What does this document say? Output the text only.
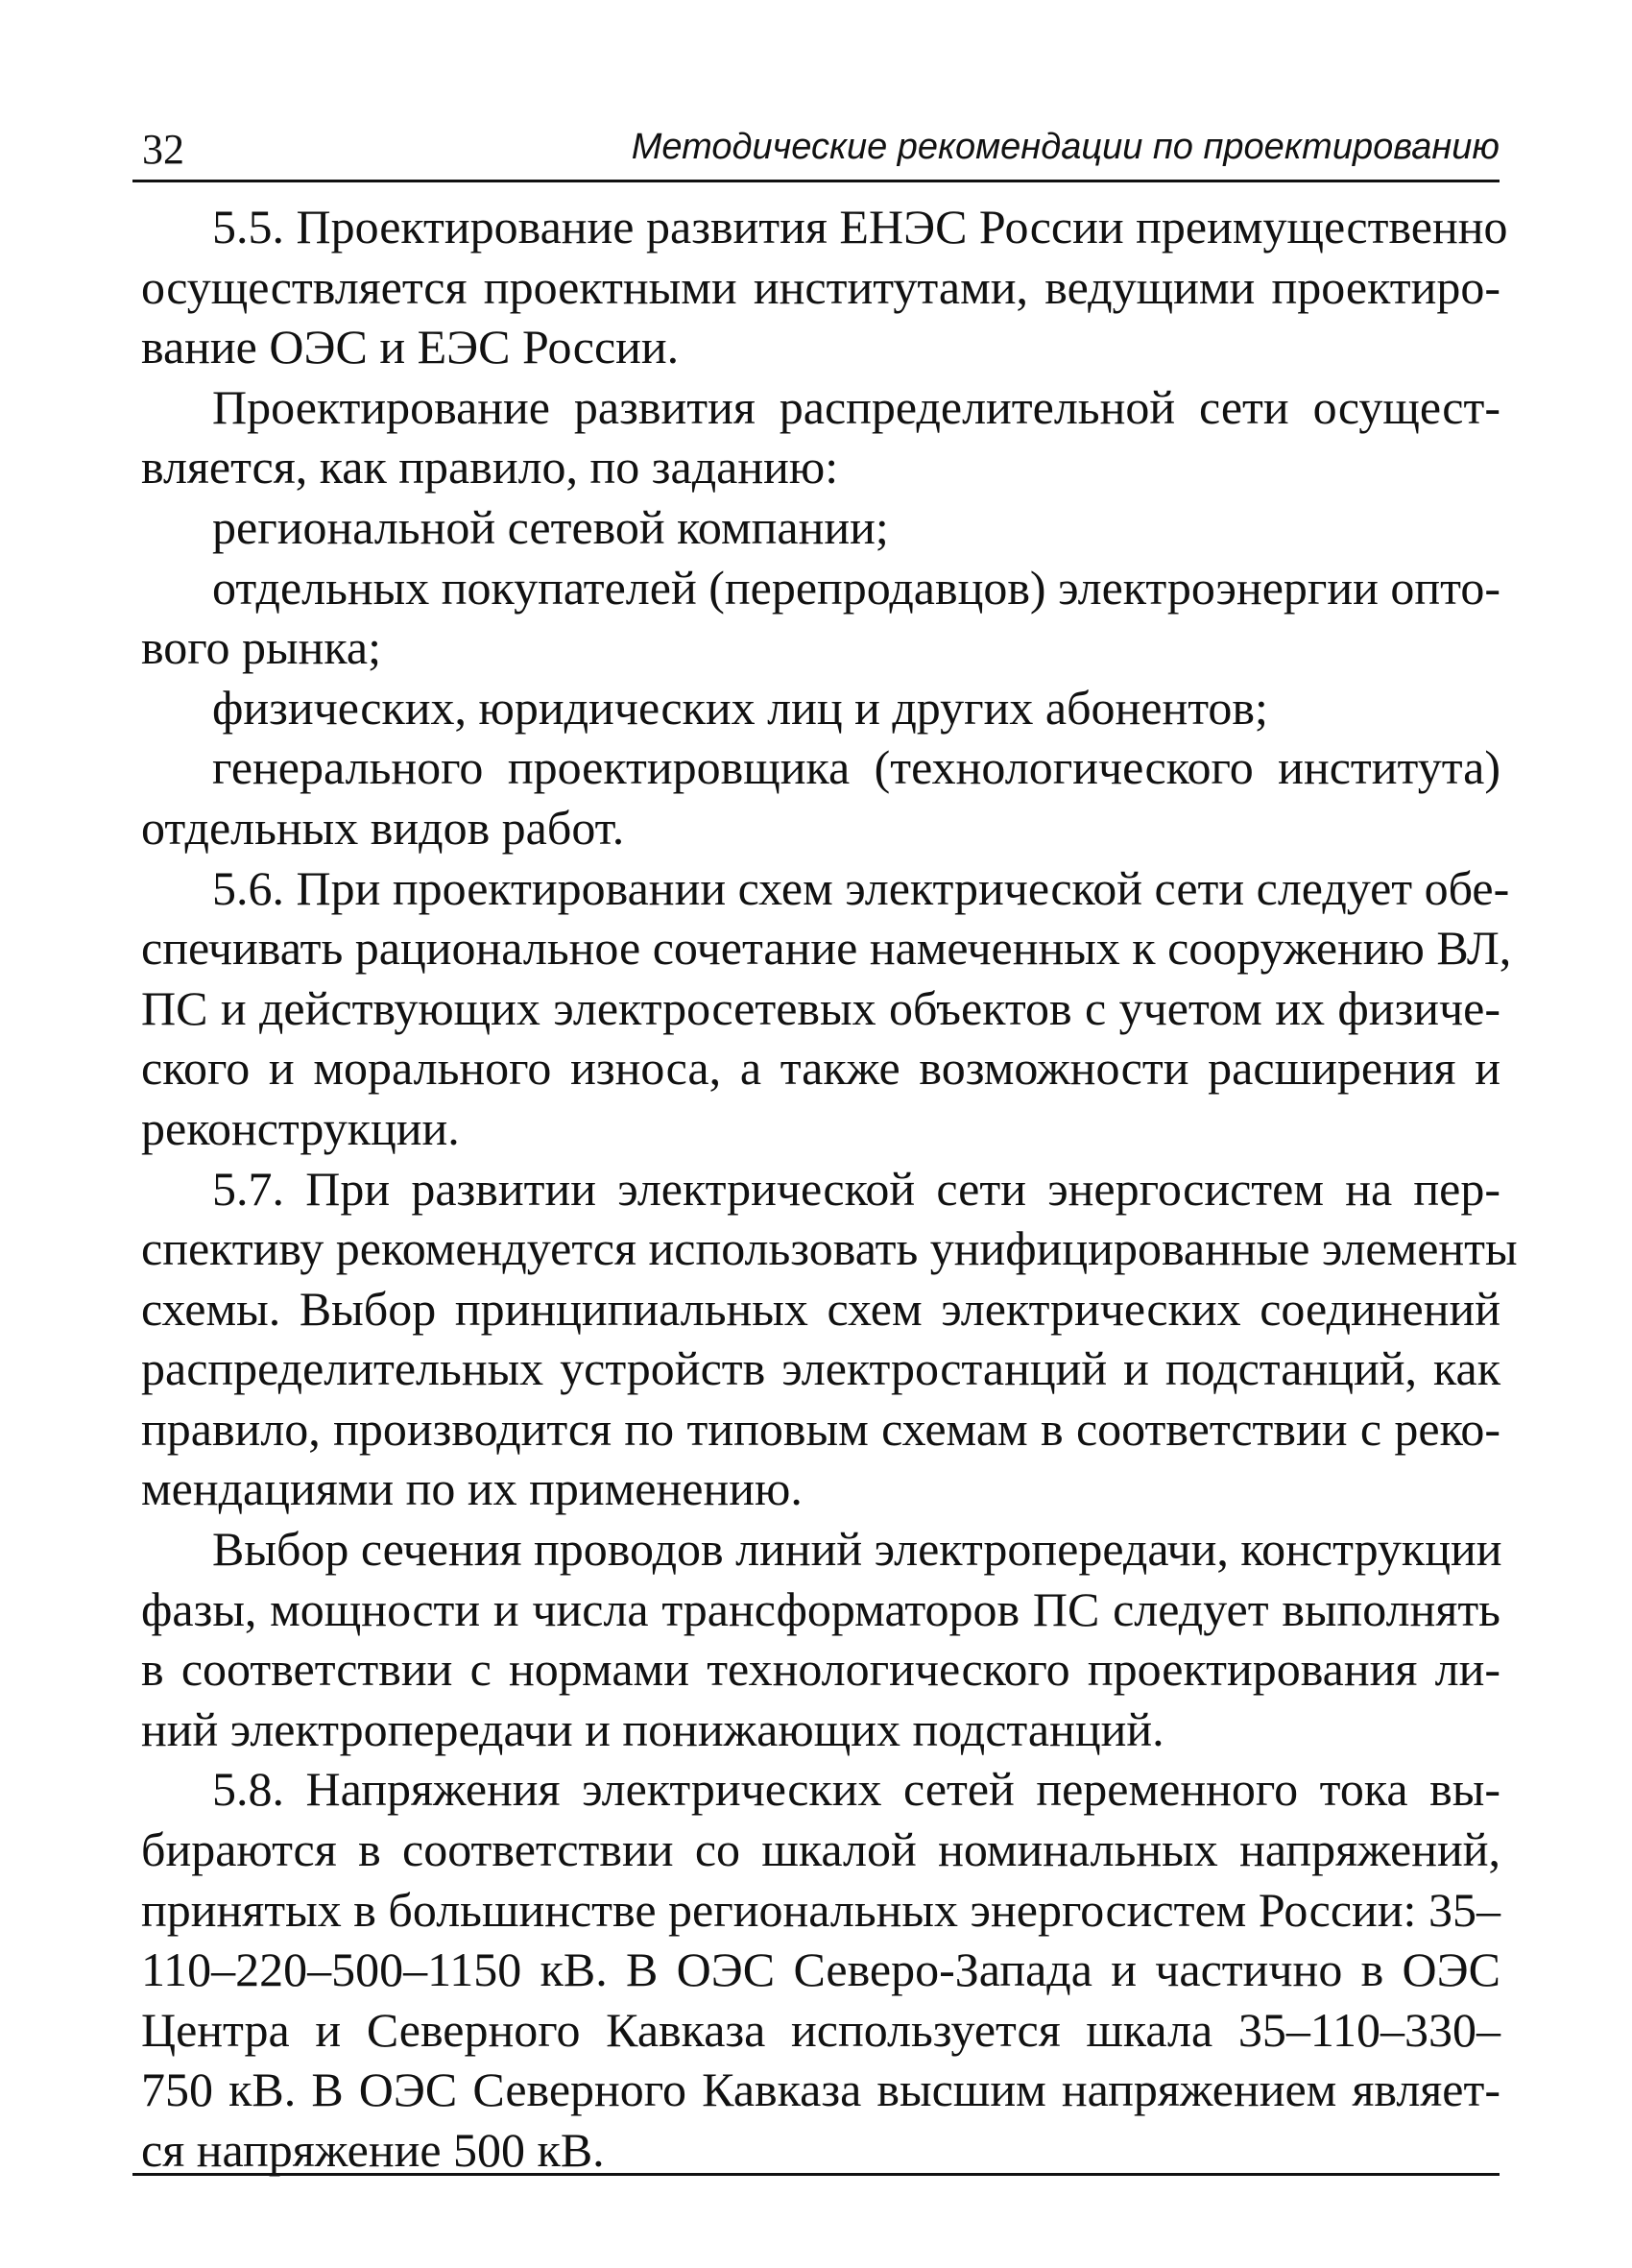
32	Методические рекомендации по проектированию
5.5. Проектирование развития ЕНЭС России преимущественно
осуществляется проектными институтами, ведущими проектиро-
вание ОЭС и ЕЭС России.
Проектирование развития распределительной сети осущест-
вляется, как правило, по заданию:
региональной сетевой компании;
отдельных покупателей (перепродавцов) электроэнергии опто-
вого рынка;
физических, юридических лиц и других абонентов;
генерального проектировщика (технологического института)
отдельных видов работ.
5.6. При проектировании схем электрической сети следует обе-
спечивать рациональное сочетание намеченных к сооружению ВЛ,
ПС и действующих электросетевых объектов с учетом их физиче-
ского и морального износа, а также возможности расширения и
реконструкции.
5.7. При развитии электрической сети энергосистем на пер-
спективу рекомендуется использовать унифицированные элементы
схемы. Выбор принципиальных схем электрических соединений
распределительных устройств электростанций и подстанций, как
правило, производится по типовым схемам в соответствии с реко-
мендациями по их применению.
Выбор сечения проводов линий электропередачи, конструкции
фазы, мощности и числа трансформаторов ПС следует выполнять
в соответствии с нормами технологического проектирования ли-
ний электропередачи и понижающих подстанций.
5.8. Напряжения электрических сетей переменного тока вы-
бираются в соответствии со шкалой номинальных напряжений,
принятых в большинстве региональных энергосистем России: 35–
110–220–500–1150 кВ. В ОЭС Северо-Запада и частично в ОЭС
Центра и Северного Кавказа используется шкала 35–110–330–
750 кВ. В ОЭС Северного Кавказа высшим напряжением являет-
ся напряжение 500 кВ.
